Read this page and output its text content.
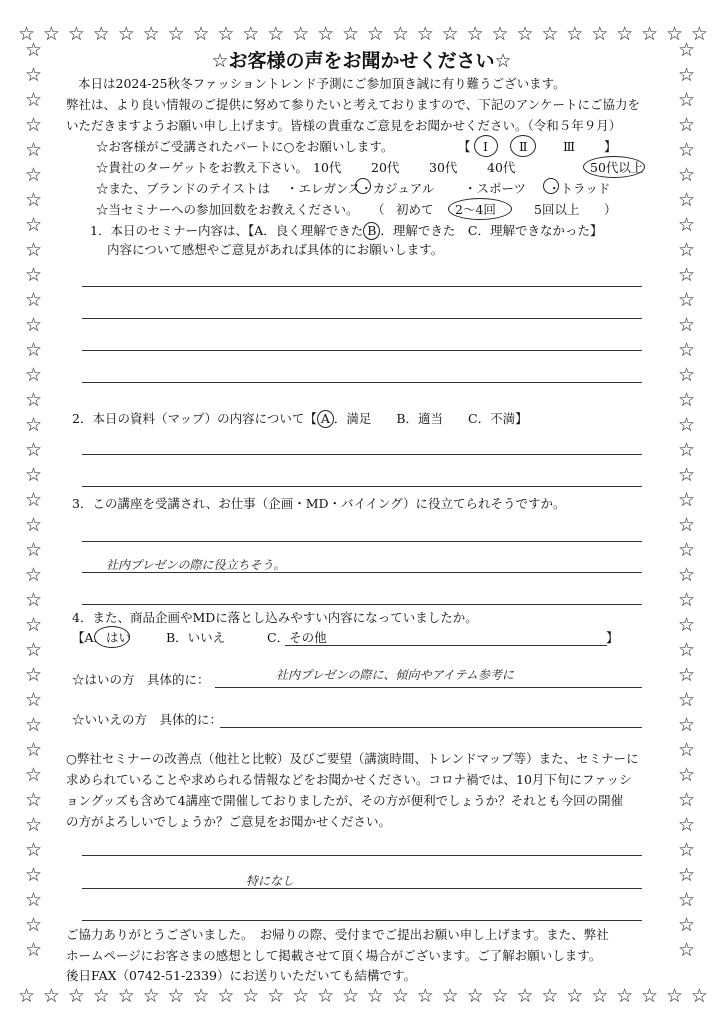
☆ ☆ ☆ ☆ ☆ ☆ ☆ ☆ ☆ ☆ ☆ ☆ ☆ ☆ ☆ ☆ ☆ ☆ ☆ ☆ ☆ ☆ ☆ ☆ ☆ ☆ ☆ ☆
☆ ☆ ☆ ☆ ☆ ☆ ☆ ☆ ☆ ☆ ☆ ☆ ☆ ☆ ☆ ☆ ☆ ☆ ☆ ☆ ☆ ☆ ☆ ☆ ☆ ☆ ☆ ☆
☆
☆
☆
☆
☆
☆
☆
☆
☆
☆
☆
☆
☆
☆
☆
☆
☆
☆
☆
☆
☆
☆
☆
☆
☆
☆
☆
☆
☆
☆
☆
☆
☆
☆
☆
☆
☆
☆
☆
☆
☆
☆
☆
☆
☆
☆
☆
☆
☆
☆
☆
☆
☆
☆
☆
☆
☆
☆
☆
☆
☆
☆
☆
☆
☆
☆
☆
☆
☆
☆
☆
☆
☆
☆
☆お客様の声をお聞かせください☆
本日は2024-25秋冬ファッショントレンド予測にご参加頂き誠に有り難うございます。
弊社は、より良い情報のご提供に努めて参りたいと考えておりますので、下記のアンケートにご協力を
いただきますようお願い申し上げます。皆様の貴重なご意見をお聞かせください。（令和５年９月）
☆お客様がご受講されたパートに○をお願いします。	【 Ⅰ Ⅱ	Ⅲ 】
☆貴社のターゲットをお教え下さい。 10代 20代 30代 40代	50代以上
☆また、ブランドのテイストは ・エレガンス ・カジュアル ・スポーツ ・トラッド
☆当セミナーへの参加回数をお教えください。 （ 初めて 2～4回	5回以上 ）
1．本日のセミナー内容は、【A．良く理解できた B ．理解できた　C．理解できなかった】
内容について感想やご意見があれば具体的にお願いします。
2．本日の資料（マップ）の内容について【 A ．満足　　B．適当　　C．不満】
3．この講座を受講され、お仕事（企画・MD・バイイング）に役立てられそうですか。
社内プレゼンの際に役立ちそう。
4．また、商品企画やMDに落とし込みやすい内容になっていましたか。
【A．はい	B．いいえ	C．その他	】
☆はいの方　具体的に：	社内プレゼンの際に、傾向やアイテム参考に
☆いいえの方　具体的に：
○弊社セミナーの改善点（他社と比較）及びご要望（講演時間、トレンドマップ等）また、セミナーに
求められていることや求められる情報などをお聞かせください。コロナ禍では、10月下旬にファッシ
ョングッズも含めて4講座で開催しておりましたが、その方が便利でしょうか？それとも今回の開催
の方がよろしいでしょうか？ご意見をお聞かせください。
特になし
ご協力ありがとうございました。　お帰りの際、受付までご提出お願い申し上げます。また、弊社
ホームページにお客さまの感想として掲載させて頂く場合がございます。ご了解お願いします。
後日FAX（0742-51-2339）にお送りいただいても結構です。
